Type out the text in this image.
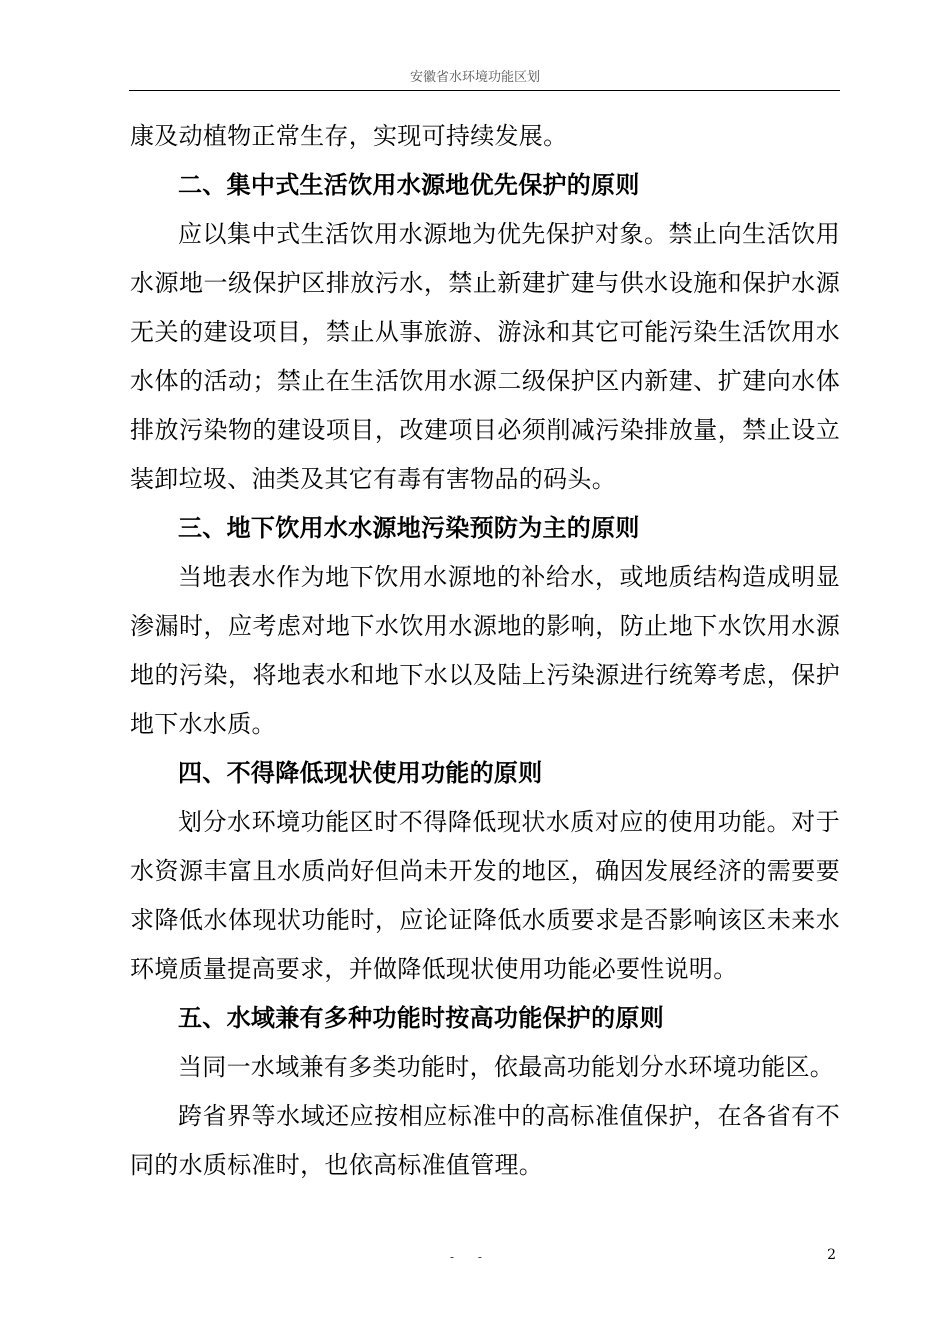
安徽省水环境功能区划

康及动植物正常生存，实现可持续发展。

二、集中式生活饮用水源地优先保护的原则

应以集中式生活饮用水源地为优先保护对象。禁止向生活饮用水源地一级保护区排放污水，禁止新建扩建与供水设施和保护水源无关的建设项目，禁止从事旅游、游泳和其它可能污染生活饮用水水体的活动；禁止在生活饮用水源二级保护区内新建、扩建向水体排放污染物的建设项目，改建项目必须削减污染排放量，禁止设立装卸垃圾、油类及其它有毒有害物品的码头。

三、地下饮用水水源地污染预防为主的原则

当地表水作为地下饮用水源地的补给水，或地质结构造成明显渗漏时，应考虑对地下水饮用水源地的影响，防止地下水饮用水源地的污染，将地表水和地下水以及陆上污染源进行统筹考虑，保护地下水水质。

四、不得降低现状使用功能的原则

划分水环境功能区时不得降低现状水质对应的使用功能。对于水资源丰富且水质尚好但尚未开发的地区，确因发展经济的需要要求降低水体现状功能时，应论证降低水质要求是否影响该区未来水环境质量提高要求，并做降低现状使用功能必要性说明。

五、水域兼有多种功能时按高功能保护的原则

当同一水域兼有多类功能时，依最高功能划分水环境功能区。

跨省界等水域还应按相应标准中的高标准值保护，在各省有不同的水质标准时，也依高标准值管理。

- -	2
